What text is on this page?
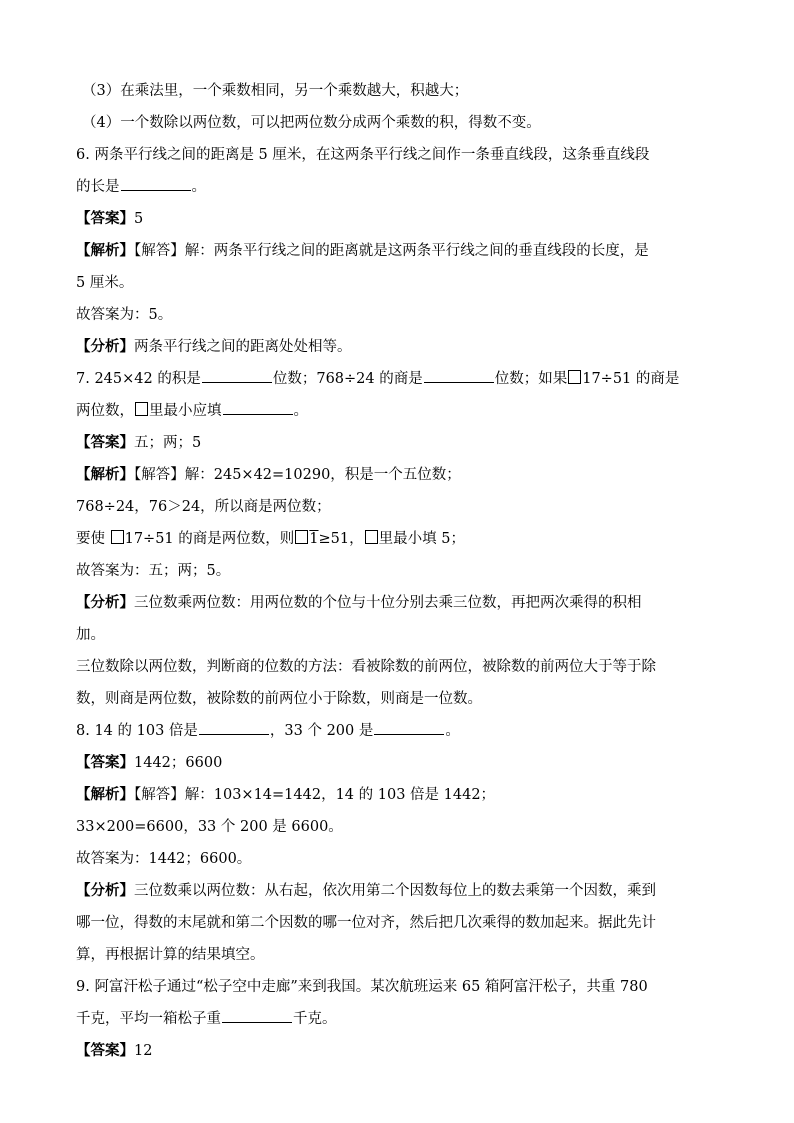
（3）在乘法里，一个乘数相同，另一个乘数越大，积越大；
（4）一个数除以两位数，可以把两位数分成两个乘数的积，得数不变。
6. 两条平行线之间的距离是 5 厘米，在这两条平行线之间作一条垂直线段，这条垂直线段
的长是	。
【答案】5
【解析】【解答】解：两条平行线之间的距离就是这两条平行线之间的垂直线段的长度，是
5 厘米。
故答案为：5。
【分析】两条平行线之间的距离处处相等。
7. 245×42 的积是	位数；768÷24 的商是	位数；如果 17÷51 的商是
两位数， 里最小应填	。
【答案】五；两；5
【解析】【解答】解：245×42=10290，积是一个五位数；
768÷24，76＞24，所以商是两位数；
要使 17÷51 的商是两位数，则 1≥51， 里最小填 5；
故答案为：五；两；5。
【分析】三位数乘两位数：用两位数的个位与十位分别去乘三位数，再把两次乘得的积相
加。
三位数除以两位数，判断商的位数的方法：看被除数的前两位，被除数的前两位大于等于除
数，则商是两位数，被除数的前两位小于除数，则商是一位数。
8. 14 的 103 倍是	，33 个 200 是	。
【答案】1442；6600
【解析】【解答】解：103×14=1442，14 的 103 倍是 1442；
33×200=6600，33 个 200 是 6600。
故答案为：1442；6600。
【分析】三位数乘以两位数：从右起，依次用第二个因数每位上的数去乘第一个因数，乘到
哪一位，得数的末尾就和第二个因数的哪一位对齐，然后把几次乘得的数加起来。据此先计
算，再根据计算的结果填空。
9. 阿富汗松子通过“松子空中走廊”来到我国。某次航班运来 65 箱阿富汗松子，共重 780
千克，平均一箱松子重	千克。
【答案】12
